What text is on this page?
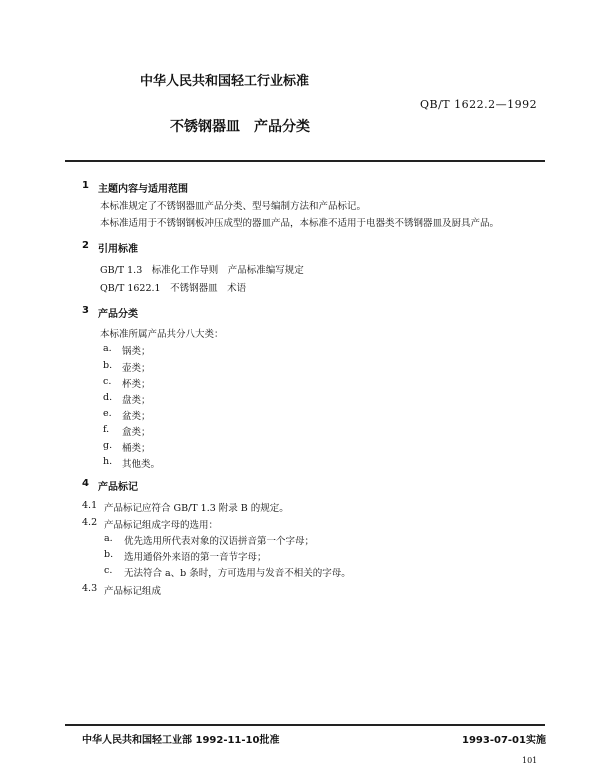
中华人民共和国轻工行业标准
QB/T 1622.2—1992
不锈钢器皿　产品分类
1 主题内容与适用范围
本标准规定了不锈钢器皿产品分类、型号编制方法和产品标记。
本标准适用于不锈钢钢板冲压成型的器皿产品，本标准不适用于电器类不锈钢器皿及厨具产品。
2 引用标准
GB/T 1.3　标准化工作导则　产品标准编写规定
QB/T 1622.1　不锈钢器皿　术语
3 产品分类
本标准所属产品共分八大类：
a. 锅类；
b. 壶类；
c. 杯类；
d. 盘类；
e. 盆类；
f. 盒类；
g. 桶类；
h. 其他类。
4 产品标记
4.1 产品标记应符合 GB/T 1.3 附录 B 的规定。
4.2 产品标记组成字母的选用：
a. 优先选用所代表对象的汉语拼音第一个字母；
b. 选用通俗外来语的第一音节字母；
c. 无法符合 a、b 条时，方可选用与发音不相关的字母。
4.3 产品标记组成
中华人民共和国轻工业部 1992-11-10批准	1993-07-01实施
101
